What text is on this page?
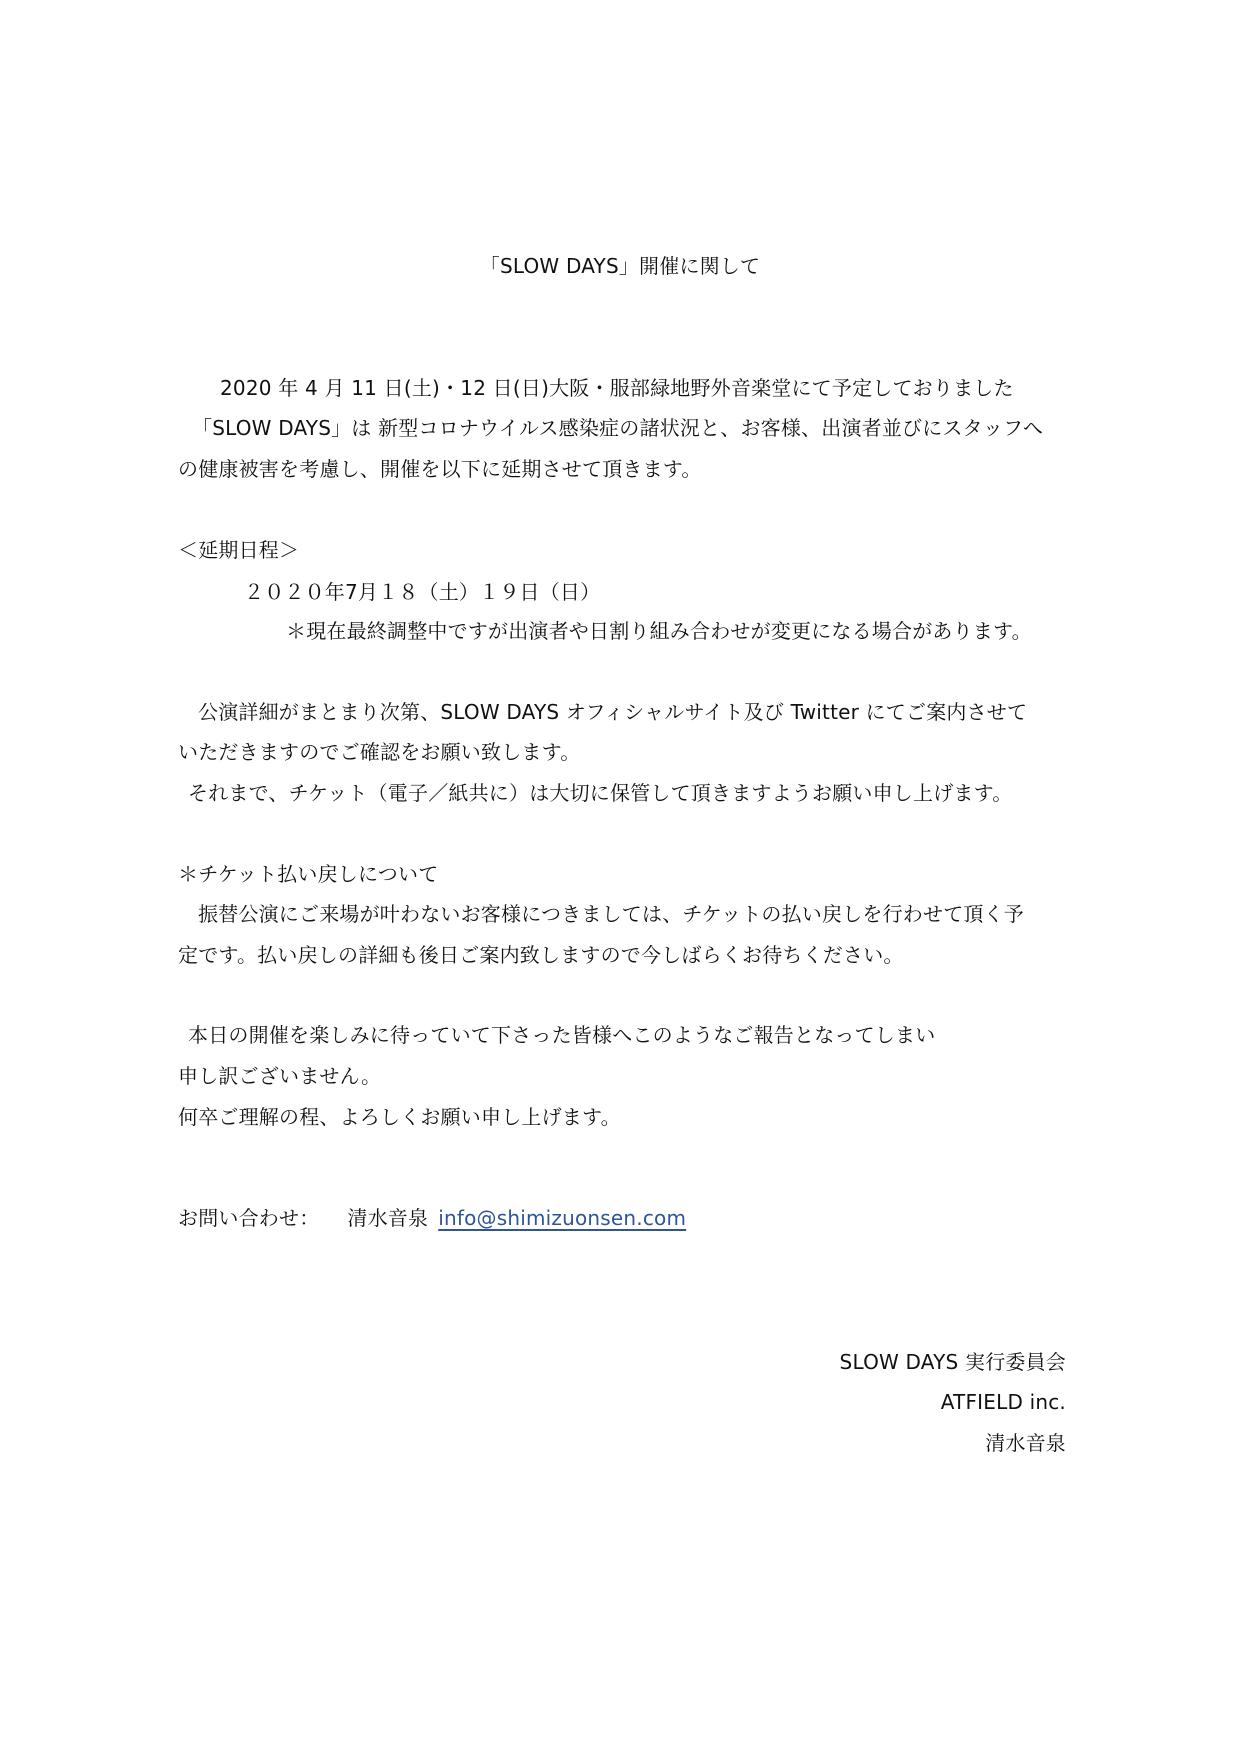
「SLOW DAYS」開催に関して
2020 年 4 月 11 日(土)・12 日(日)大阪・服部緑地野外音楽堂にて予定しておりました
「SLOW DAYS」は 新型コロナウイルス感染症の諸状況と、お客様、出演者並びにスタッフへ
の健康被害を考慮し、開催を以下に延期させて頂きます。
＜延期日程＞
２０２０年7月１８（土）１９日（日）
＊現在最終調整中ですが出演者や日割り組み合わせが変更になる場合があります。
公演詳細がまとまり次第、SLOW DAYS オフィシャルサイト及び Twitter にてご案内させて
いただきますのでご確認をお願い致します。
それまで、チケット（電子／紙共に）は大切に保管して頂きますようお願い申し上げます。
＊チケット払い戻しについて
振替公演にご来場が叶わないお客様につきましては、チケットの払い戻しを行わせて頂く予
定です。払い戻しの詳細も後日ご案内致しますので今しばらくお待ちください。
本日の開催を楽しみに待っていて下さった皆様へこのようなご報告となってしまい
申し訳ございません。
何卒ご理解の程、よろしくお願い申し上げます。
お問い合わせ： 清水音泉 info@shimizuonsen.com
SLOW DAYS 実行委員会
ATFIELD inc.
清水音泉
